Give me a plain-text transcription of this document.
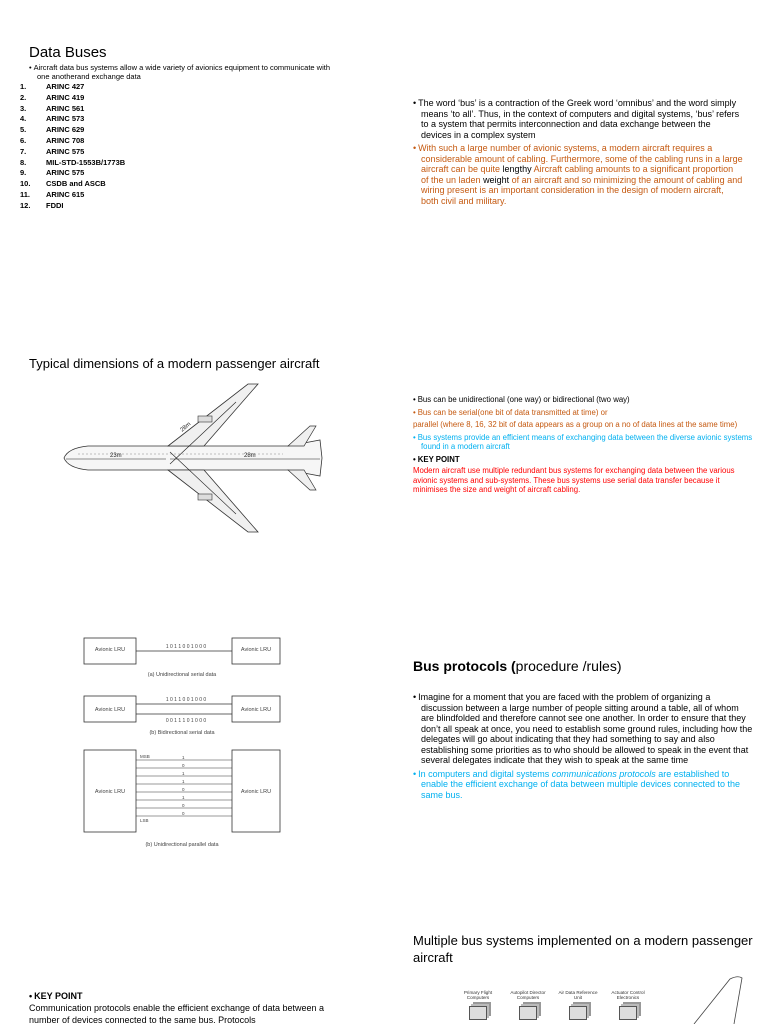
Data Buses
• Aircraft data bus systems allow a wide variety of avionics equipment to communicate with one anotherand exchange data
1.	ARINC 427
2.	ARINC 419
3.	ARINC 561
4.	ARINC 573
5.	ARINC 629
6.	ARINC 708
7.	ARINC 575
8.	MIL-STD-1553B/1773B
9.	ARINC 575
10. CSDB and ASCB
11. ARINC 615
12. FDDI
• The word ‘bus’ is a contraction of the Greek word ‘omnibus’ and the word simply means ‘to all’. Thus, in the context of computers and digital systems, ‘bus’ refers to a system that permits interconnection and data exchange between the devices in a complex system
• With such a large number of avionic systems, a modern aircraft requires a considerable amount of cabling. Furthermore, some of the cabling runs in a large aircraft can be quite lengthy Aircraft cabling amounts to a significant proportion of the un laden weight of an aircraft and so minimizing the amount of cabling and wiring present is an important consideration in the design of modern aircraft, both civil and military.
Typical dimensions of a modern passenger aircraft
23m	28m
28m
• Bus can be unidirectional (one way) or bidirectional (two way)
• Bus can be serial(one bit of data transmitted at time) or
parallel (where 8, 16, 32 bit of data appears as a group on a no of data lines at the same time)
• Bus systems provide an efficient means of exchanging data between the diverse avionic systems found in a modern aircraft
• KEY POINT
Modern aircraft use multiple redundant bus systems for exchanging data between the various avionic systems and sub-systems. These bus systems use serial data transfer because it minimises the size and weight of aircraft cabling.
Avionic LRU	Avionic LRU
1 0 1 1 0 0 1 0 0 0
(a) Unidirectional serial data
Avionic LRU	Avionic LRU
1 0 1 1 0 0 1 0 0 0
0 0 1 1 1 0 1 0 0 0
(b) Bidirectional serial data
Avionic LRU	Avionic LRU
MSB
LSB
1
0
1
1
0
1
0
0
(b) Unidirectional parallel data
Bus protocols (procedure /rules)
• Imagine for a moment that you are faced with the problem of organizing a discussion between a large number of people sitting around a table, all of whom are blindfolded and therefore cannot see one another. In order to ensure that they don’t all speak at once, you need to establish some ground rules, including how the delegates will go about indicating that they had something to say and also establishing some priorities as to who should be allowed to speak in the event that several delegates indicate that they wish to speak at the same time
• In computers and digital systems communications protocols are established to enable the efficient exchange of data between multiple devices connected to the same bus.
• KEY POINT
Communication protocols enable the efficient exchange of data between a number of devices connected to the same bus. Protocols
Multiple bus systems implemented on a modern passenger aircraft
Primary Flight Computers
Autopilot Director Computers
Air Data Reference Unit
Actuator Control Electronics
